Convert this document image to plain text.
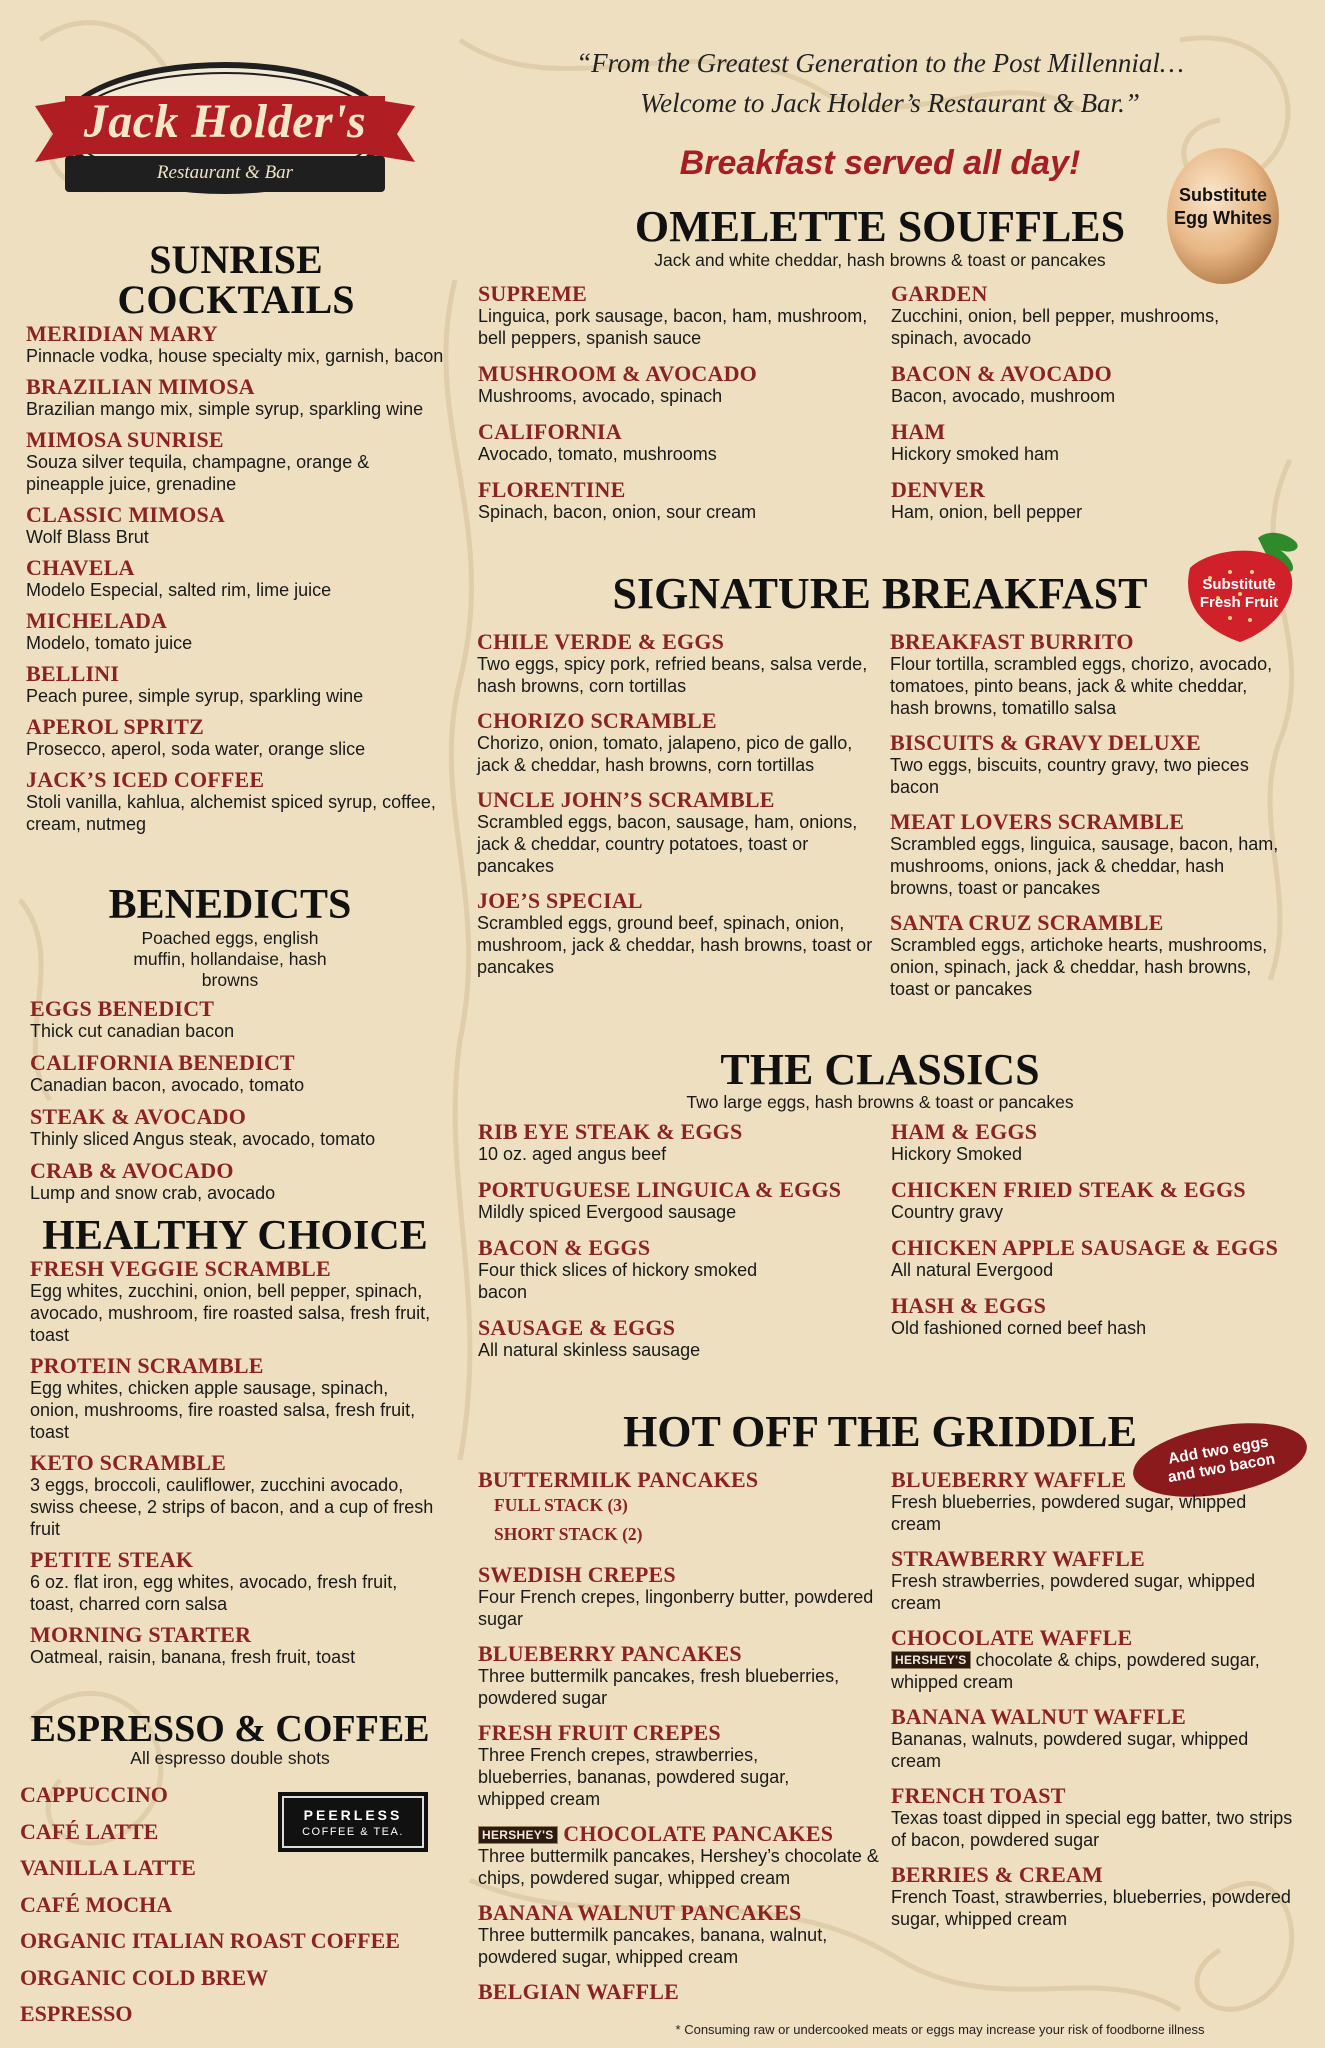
Jack Holder's
Restaurant & Bar
“From the Greatest Generation to the Post Millennial…
Welcome to Jack Holder’s Restaurant & Bar.”
Breakfast served all day!
Substitute Egg Whites
Substitute Fresh Fruit
Add two eggs and two bacon
SUNRISE COCKTAILS
MERIDIAN MARY
Pinnacle vodka, house specialty mix, garnish, bacon
BRAZILIAN MIMOSA
Brazilian mango mix, simple syrup, sparkling wine
MIMOSA SUNRISE
Souza silver tequila, champagne, orange & pineapple juice, grenadine
CLASSIC MIMOSA
Wolf Blass Brut
CHAVELA
Modelo Especial, salted rim, lime juice
MICHELADA
Modelo, tomato juice
BELLINI
Peach puree, simple syrup, sparkling wine
APEROL SPRITZ
Prosecco, aperol, soda water, orange slice
JACK’S ICED COFFEE
Stoli vanilla, kahlua, alchemist spiced syrup, coffee, cream, nutmeg
BENEDICTS
Poached eggs, english muffin, hollandaise, hash browns
EGGS BENEDICT
Thick cut canadian bacon
CALIFORNIA BENEDICT
Canadian bacon, avocado, tomato
STEAK & AVOCADO
Thinly sliced Angus steak, avocado, tomato
CRAB & AVOCADO
Lump and snow crab, avocado
HEALTHY CHOICE
FRESH VEGGIE SCRAMBLE
Egg whites, zucchini, onion, bell pepper, spinach, avocado, mushroom, fire roasted salsa, fresh fruit, toast
PROTEIN SCRAMBLE
Egg whites, chicken apple sausage, spinach, onion, mushrooms, fire roasted salsa, fresh fruit, toast
KETO SCRAMBLE
3 eggs, broccoli, cauliflower, zucchini avocado, swiss cheese, 2 strips of bacon, and a cup of fresh fruit
PETITE STEAK
6 oz. flat iron, egg whites, avocado, fresh fruit, toast, charred corn salsa
MORNING STARTER
Oatmeal, raisin, banana, fresh fruit, toast
ESPRESSO & COFFEE
All espresso double shots
CAPPUCCINO
CAFÉ LATTE
VANILLA LATTE
CAFÉ MOCHA
ORGANIC ITALIAN ROAST COFFEE
ORGANIC COLD BREW
ESPRESSO
PEERLESS
COFFEE & TEA.
OMELETTE SOUFFLES
Jack and white cheddar, hash browns & toast or pancakes
SUPREME
Linguica, pork sausage, bacon, ham, mushroom, bell peppers, spanish sauce
MUSHROOM & AVOCADO
Mushrooms, avocado, spinach
CALIFORNIA
Avocado, tomato, mushrooms
FLORENTINE
Spinach, bacon, onion, sour cream
GARDEN
Zucchini, onion, bell pepper, mushrooms, spinach, avocado
BACON & AVOCADO
Bacon, avocado, mushroom
HAM
Hickory smoked ham
DENVER
Ham, onion, bell pepper
SIGNATURE BREAKFAST
CHILE VERDE & EGGS
Two eggs, spicy pork, refried beans, salsa verde, hash browns, corn tortillas
CHORIZO SCRAMBLE
Chorizo, onion, tomato, jalapeno, pico de gallo, jack & cheddar, hash browns, corn tortillas
UNCLE JOHN’S SCRAMBLE
Scrambled eggs, bacon, sausage, ham, onions, jack & cheddar, country potatoes, toast or pancakes
JOE’S SPECIAL
Scrambled eggs, ground beef, spinach, onion, mushroom, jack & cheddar, hash browns, toast or pancakes
BREAKFAST BURRITO
Flour tortilla, scrambled eggs, chorizo, avocado, tomatoes, pinto beans, jack & white cheddar, hash browns, tomatillo salsa
BISCUITS & GRAVY DELUXE
Two eggs, biscuits, country gravy, two pieces bacon
MEAT LOVERS SCRAMBLE
Scrambled eggs, linguica, sausage, bacon, ham, mushrooms, onions, jack & cheddar, hash browns, toast or pancakes
SANTA CRUZ SCRAMBLE
Scrambled eggs, artichoke hearts, mushrooms, onion, spinach, jack & cheddar, hash browns, toast or pancakes
THE CLASSICS
Two large eggs, hash browns & toast or pancakes
RIB EYE STEAK & EGGS
10 oz. aged angus beef
PORTUGUESE LINGUICA & EGGS
Mildly spiced Evergood sausage
BACON & EGGS
Four thick slices of hickory smoked bacon
SAUSAGE & EGGS
All natural skinless sausage
HAM & EGGS
Hickory Smoked
CHICKEN FRIED STEAK & EGGS
Country gravy
CHICKEN APPLE SAUSAGE & EGGS
All natural Evergood
HASH & EGGS
Old fashioned corned beef hash
HOT OFF THE GRIDDLE
BUTTERMILK PANCAKES
FULL STACK (3)
SHORT STACK (2)
SWEDISH CREPES
Four French crepes, lingonberry butter, powdered sugar
BLUEBERRY PANCAKES
Three buttermilk pancakes, fresh blueberries, powdered sugar
FRESH FRUIT CREPES
Three French crepes, strawberries, blueberries, bananas, powdered sugar, whipped cream
HERSHEY'S CHOCOLATE PANCAKES
Three buttermilk pancakes, Hershey’s chocolate & chips, powdered sugar, whipped cream
BANANA WALNUT PANCAKES
Three buttermilk pancakes, banana, walnut, powdered sugar, whipped cream
BELGIAN WAFFLE
BLUEBERRY WAFFLE
Fresh blueberries, powdered sugar, whipped cream
STRAWBERRY WAFFLE
Fresh strawberries, powdered sugar, whipped cream
CHOCOLATE WAFFLE
HERSHEY'S chocolate & chips, powdered sugar, whipped cream
BANANA WALNUT WAFFLE
Bananas, walnuts, powdered sugar, whipped cream
FRENCH TOAST
Texas toast dipped in special egg batter, two strips of bacon, powdered sugar
BERRIES & CREAM
French Toast, strawberries, blueberries, powdered sugar, whipped cream
* Consuming raw or undercooked meats or eggs may increase your risk of foodborne illness
